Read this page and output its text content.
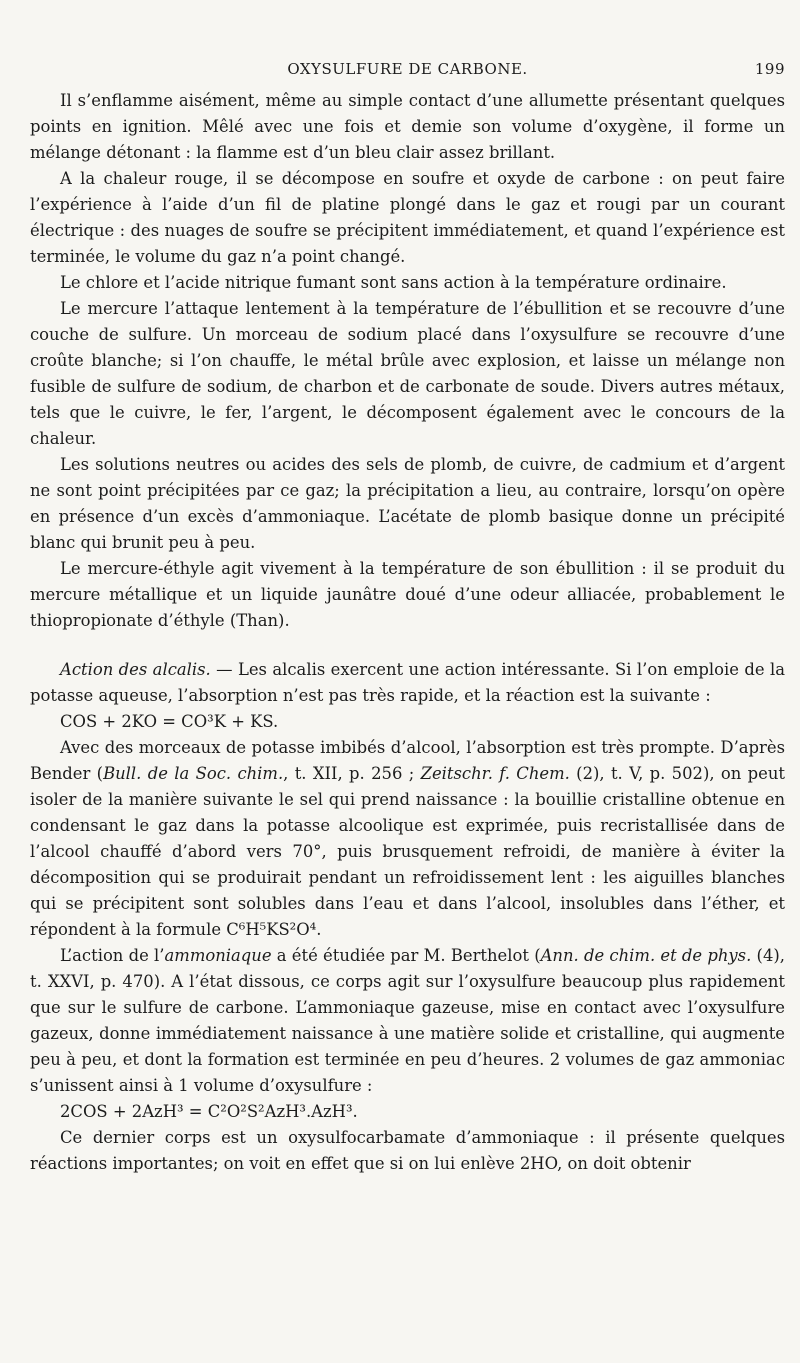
OXYSULFURE DE CARBONE.	199

Il s’enflamme aisément, même au simple contact d’une allumette présentant quelques points en ignition. Mêlé avec une fois et demie son volume d’oxygène, il forme un mélange détonant : la flamme est d’un bleu clair assez brillant.

A la chaleur rouge, il se décompose en soufre et oxyde de carbone : on peut faire l’expérience à l’aide d’un fil de platine plongé dans le gaz et rougi par un courant électrique : des nuages de soufre se précipitent immédiatement, et quand l’expérience est terminée, le volume du gaz n’a point changé.

Le chlore et l’acide nitrique fumant sont sans action à la température ordinaire.

Le mercure l’attaque lentement à la température de l’ébullition et se recouvre d’une couche de sulfure. Un morceau de sodium placé dans l’oxysulfure se recouvre d’une croûte blanche; si l’on chauffe, le métal brûle avec explosion, et laisse un mélange non fusible de sulfure de sodium, de charbon et de carbonate de soude. Divers autres métaux, tels que le cuivre, le fer, l’argent, le décomposent également avec le concours de la chaleur.

Les solutions neutres ou acides des sels de plomb, de cuivre, de cadmium et d’argent ne sont point précipitées par ce gaz; la précipitation a lieu, au contraire, lorsqu’on opère en présence d’un excès d’ammoniaque. L’acétate de plomb basique donne un précipité blanc qui brunit peu à peu.

Le mercure-éthyle agit vivement à la température de son ébullition : il se produit du mercure métallique et un liquide jaunâtre doué d’une odeur alliacée, probablement le thiopropionate d’éthyle (Than).

Action des alcalis. — Les alcalis exercent une action intéressante. Si l’on emploie de la potasse aqueuse, l’absorption n’est pas très rapide, et la réaction est la suivante :

COS + 2KO = CO³K + KS.

Avec des morceaux de potasse imbibés d’alcool, l’absorption est très prompte. D’après Bender (Bull. de la Soc. chim., t. XII, p. 256 ; Zeitschr. f. Chem. (2), t. V, p. 502), on peut isoler de la manière suivante le sel qui prend naissance : la bouillie cristalline obtenue en condensant le gaz dans la potasse alcoolique est exprimée, puis recristallisée dans de l’alcool chauffé d’abord vers 70°, puis brusquement refroidi, de manière à éviter la décomposition qui se produirait pendant un refroidissement lent : les aiguilles blanches qui se précipitent sont solubles dans l’eau et dans l’alcool, insolubles dans l’éther, et répondent à la formule C⁶H⁵KS²O⁴.

L’action de l’ammoniaque a été étudiée par M. Berthelot (Ann. de chim. et de phys. (4), t. XXVI, p. 470). A l’état dissous, ce corps agit sur l’oxysulfure beaucoup plus rapidement que sur le sulfure de carbone. L’ammoniaque gazeuse, mise en contact avec l’oxysulfure gazeux, donne immédiatement naissance à une matière solide et cristalline, qui augmente peu à peu, et dont la formation est terminée en peu d’heures. 2 volumes de gaz ammoniac s’unissent ainsi à 1 volume d’oxysulfure :

2COS + 2AzH³ = C²O²S²AzH³.AzH³.

Ce dernier corps est un oxysulfocarbamate d’ammoniaque : il présente quelques réactions importantes; on voit en effet que si on lui enlève 2HO, on doit obtenir
